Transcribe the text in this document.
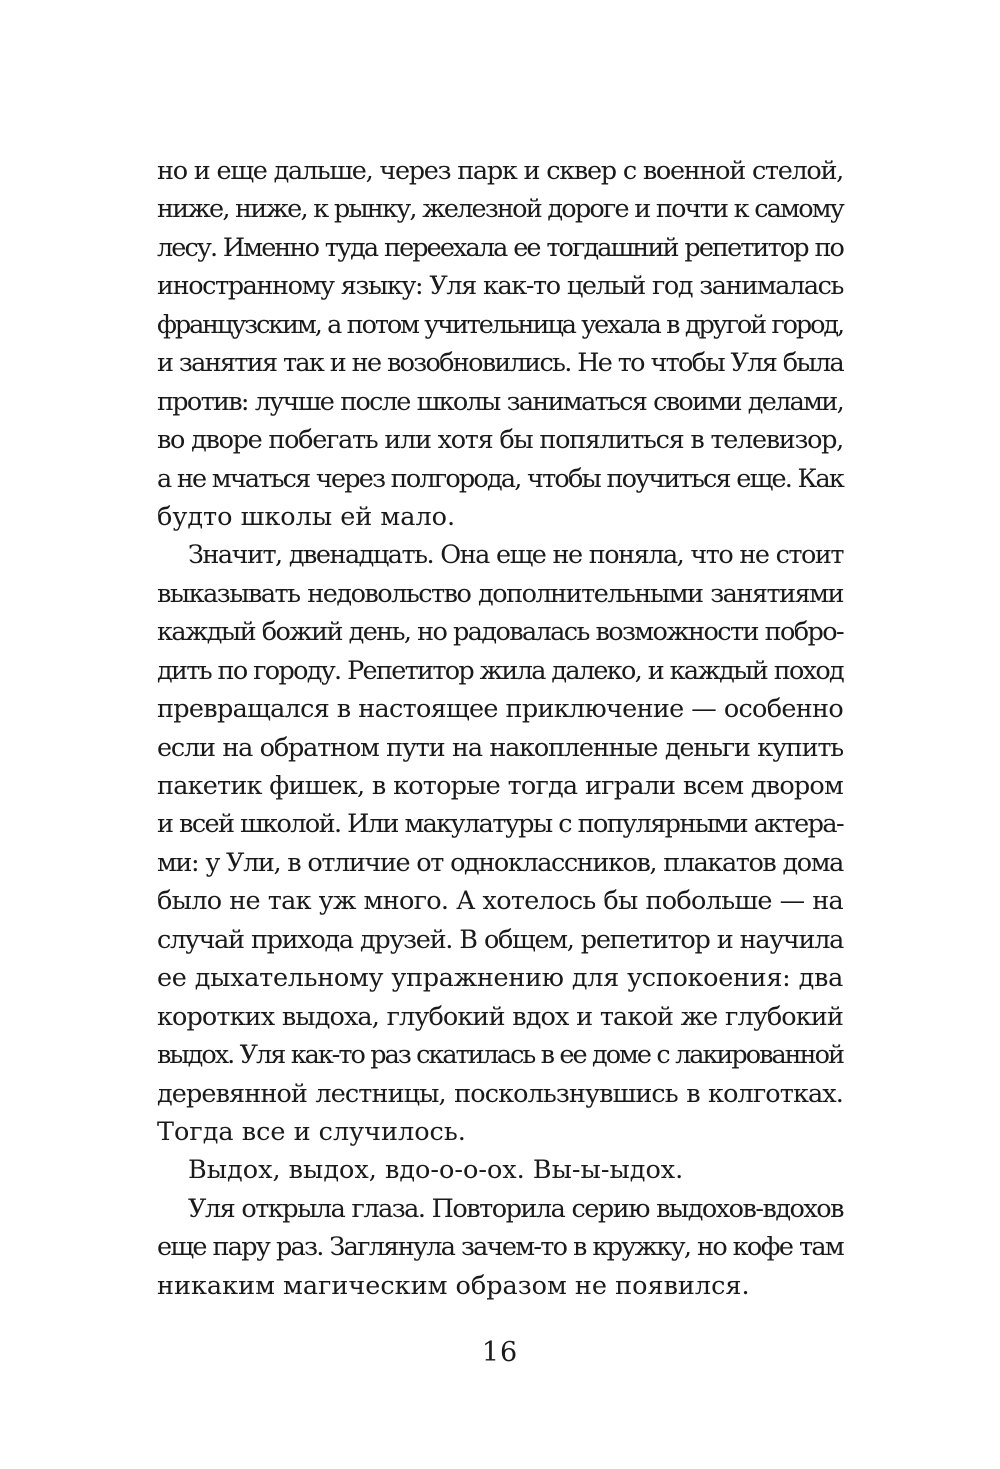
но и еще дальше, через парк и сквер с военной стелой,
ниже, ниже, к рынку, железной дороге и почти к самому
лесу. Именно туда переехала ее тогдашний репетитор по
иностранному языку: Уля как-то целый год занималась
французским, а потом учительница уехала в другой город,
и занятия так и не возобновились. Не то чтобы Уля была
против: лучше после школы заниматься своими делами,
во дворе побегать или хотя бы попялиться в телевизор,
а не мчаться через полгорода, чтобы поучиться еще. Как
будто школы ей мало.
Значит, двенадцать. Она еще не поняла, что не стоит
выказывать недовольство дополнительными занятиями
каждый божий день, но радовалась возможности побро-
дить по городу. Репетитор жила далеко, и каждый поход
превращался в настоящее приключение — особенно
если на обратном пути на накопленные деньги купить
пакетик фишек, в которые тогда играли всем двором
и всей школой. Или макулатуры с популярными актера-
ми: у Ули, в отличие от одноклассников, плакатов дома
было не так уж много. А хотелось бы побольше — на
случай прихода друзей. В общем, репетитор и научила
ее дыхательному упражнению для успокоения: два
коротких выдоха, глубокий вдох и такой же глубокий
выдох. Уля как-то раз скатилась в ее доме с лакированной
деревянной лестницы, поскользнувшись в колготках.
Тогда все и случилось.
Выдох, выдох, вдо-о-о-ох. Вы-ы-ыдох.
Уля открыла глаза. Повторила серию выдохов-вдохов
еще пару раз. Заглянула зачем-то в кружку, но кофе там
никаким магическим образом не появился.
16
